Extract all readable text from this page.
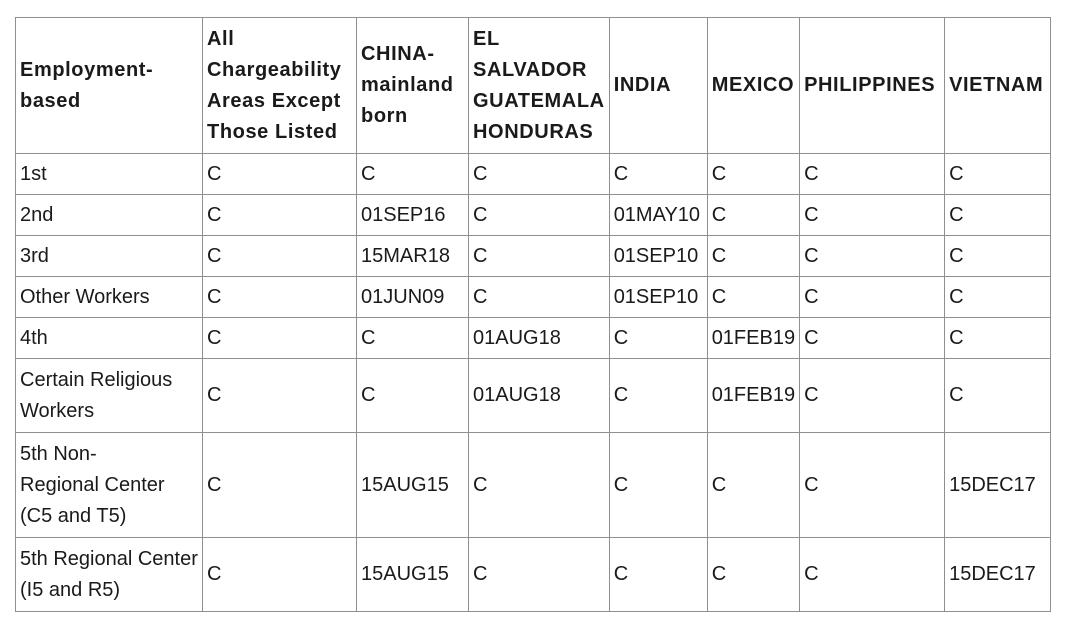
Employment-
based	All
Chargeability
Areas Except
Those Listed	CHINA-
mainland
born	EL
SALVADOR
GUATEMALA
HONDURAS	INDIA	MEXICO	PHILIPPINES	VIETNAM

1st	C	C	C	C	C	C	C

2nd	C	01SEP16	C	01MAY10	C	C	C

3rd	C	15MAR18	C	01SEP10	C	C	C

Other Workers	C	01JUN09	C	01SEP10	C	C	C

4th	C	C	01AUG18	C	01FEB19	C	C

Certain Religious
Workers	C	C	01AUG18	C	01FEB19	C	C

5th Non-
Regional Center
(C5 and T5)	C	15AUG15	C	C	C	C	15DEC17

5th Regional Center
(I5 and R5)	C	15AUG15	C	C	C	C	15DEC17
